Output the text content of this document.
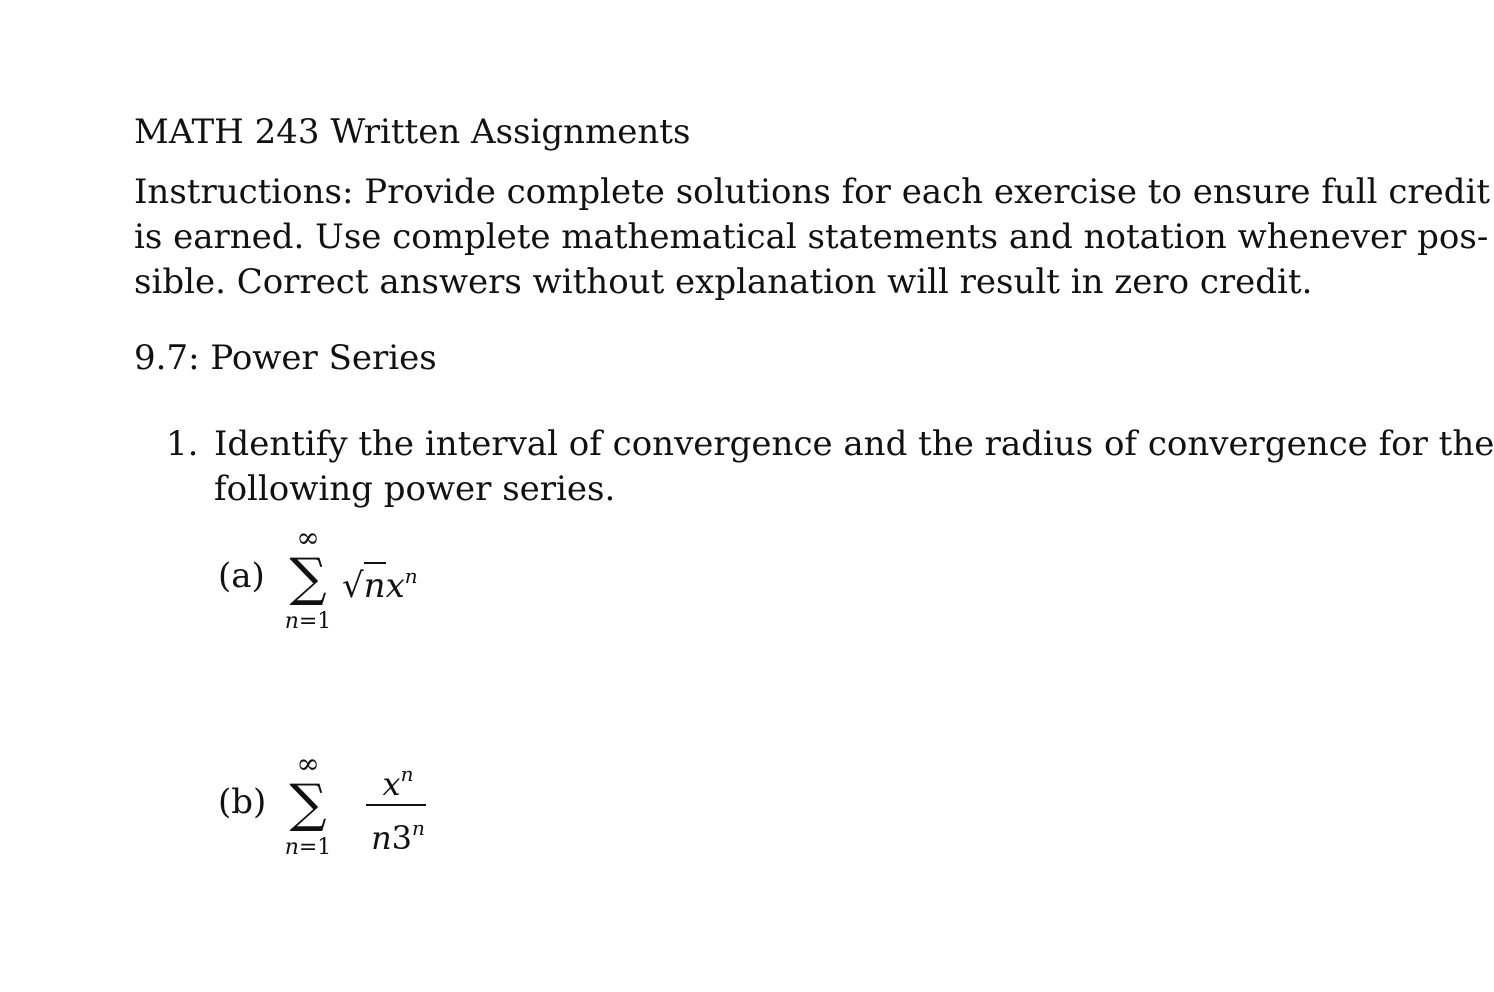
MATH 243 Written Assignments
Instructions: Provide complete solutions for each exercise to ensure full credit
is earned. Use complete mathematical statements and notation whenever pos-
sible. Correct answers without explanation will result in zero credit.
9.7: Power Series
1. Identify the interval of convergence and the radius of convergence for the
following power series.
(a)
∞
∑
n=1
$√nx^n$
(b)
∞
∑
n=1
$x^n$
n3$^n$
